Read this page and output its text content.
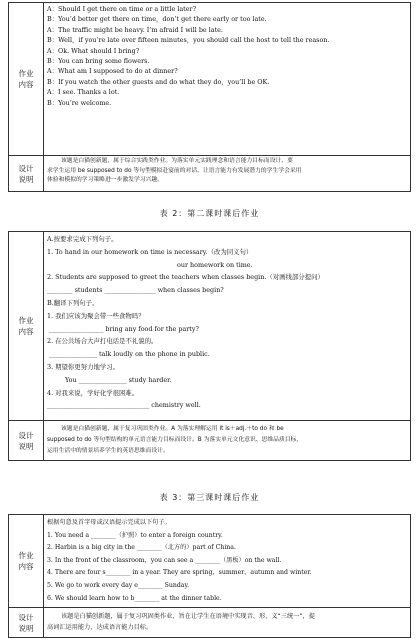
作业
内容
A：Should I get there on time or a little later?
B：You’d better get there on time，don’t get there early or too late.
A：The traffic might be heavy. I’m afraid I will be late.
B：Well，if you’re late over fifteen minutes，you should call the host to tell the reason.
A：Ok. What should I bring?
B：You can bring some flowers.
A：What am I supposed to do at dinner?
B：If you watch the other guests and do what they do，you’ll be OK.
A：I see. Thanks a lot.
B：You’re welcome.
设计
说明
该题是白猫创新题，属于综合实践类作业。为落实单元实践理念和语言能力目标而设计，要
求学生运用 be supposed to do 等句型模拟赴宴前的对话，让语言能力有发展潜力的学生学会采用
体验和模拟的学习策略进一步激发学习兴趣。
表 2：第二课时课后作业
作业
内容
A.按要求完成下列句子。
1. To hand in our homework on time is necessary.（改为同义句）
our homework on time.
2. Students are supposed to greet the teachers when classes begin.（对画线部分提问）
________ students ________________ when classes begin?
B.翻译下列句子。
1. 我们应该为聚会带一些食物吗？
_________________ bring any food for the party?
2. 在公共场合大声打电话是不礼貌的。
_______________ talk loudly on the phone in public.
3. 期望你更努力地学习。
You _______________ study harder.
4. 对我来说，学好化学很困难。
________________________________ chemistry well.
设计
说明
该题是白猫创新题，属于复习巩固类作业。A 为落实理解运用 It is＋adj.＋to do 和 be
supposed to do 等句型结构的单元语言能力目标而设计。B 为落实单元文化意识、思维品质目标，
运用生活中的情景培养学生的英语思维而设计。
表 3：第三课时课后作业
作业
内容
根据句意及首字母或汉语提示完成以下句子。
1. You need a ________（护照）to enter a foreign country.
2. Harbin is a big city in the ________（北方的）part of China.
3. In the front of the classroom，you can see a ________（黑板）on the wall.
4. There are four s________ in a year. They are spring，summer，autumn and winter.
5. We go to work every day e________ Sunday.
6. We should learn how to b________ at the dinner table.
设计
说明
该题是白猫创新题，属于复习巩固类作业，旨在让学生在语境中实现音、形、义“三统一”，提
高词汇运用能力，达成语言能力目标。
